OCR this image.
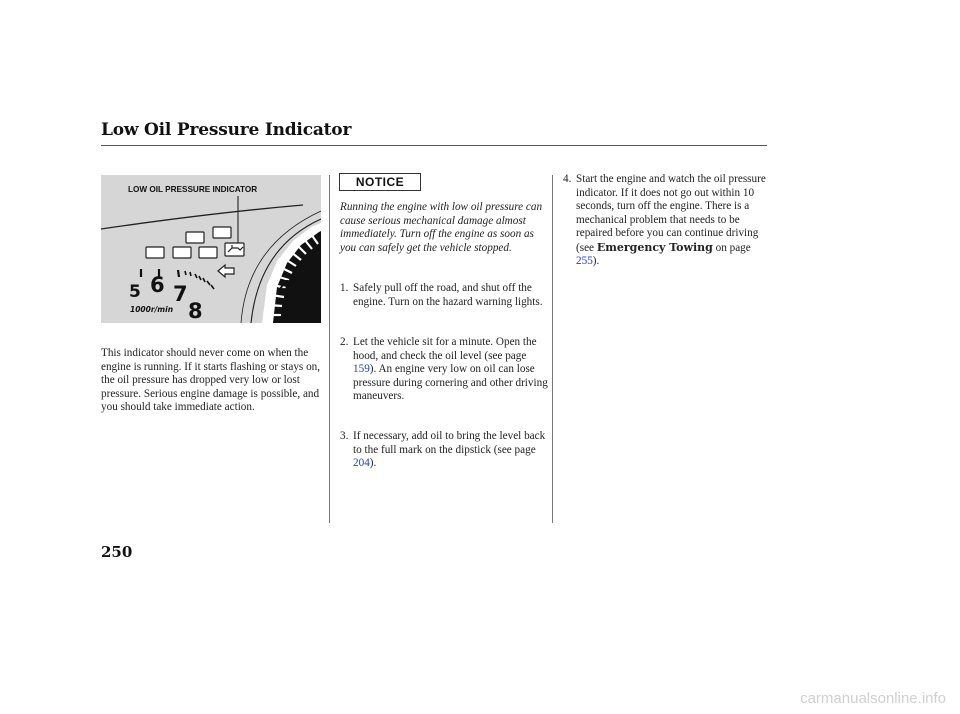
Low Oil Pressure Indicator
LOW OIL PRESSURE INDICATOR
5 6 7
8
40
1000r/min
This indicator should never come on when the engine is running. If it starts flashing or stays on, the oil pressure has dropped very low or lost pressure. Serious engine damage is possible, and you should take immediate action.
NOTICE
Running the engine with low oil pressure can cause serious mechanical damage almost immediately. Turn off the engine as soon as you can safely get the vehicle stopped.
1. Safely pull off the road, and shut off the engine. Turn on the hazard warning lights.
2. Let the vehicle sit for a minute. Open the hood, and check the oil level (see page 159). An engine very low on oil can lose pressure during cornering and other driving maneuvers.
3. If necessary, add oil to bring the level back to the full mark on the dipstick (see page 204).
4. Start the engine and watch the oil pressure indicator. If it does not go out within 10 seconds, turn off the engine. There is a mechanical problem that needs to be repaired before you can continue driving (see Emergency Towing on page 255).
250
carmanualsonline.info
